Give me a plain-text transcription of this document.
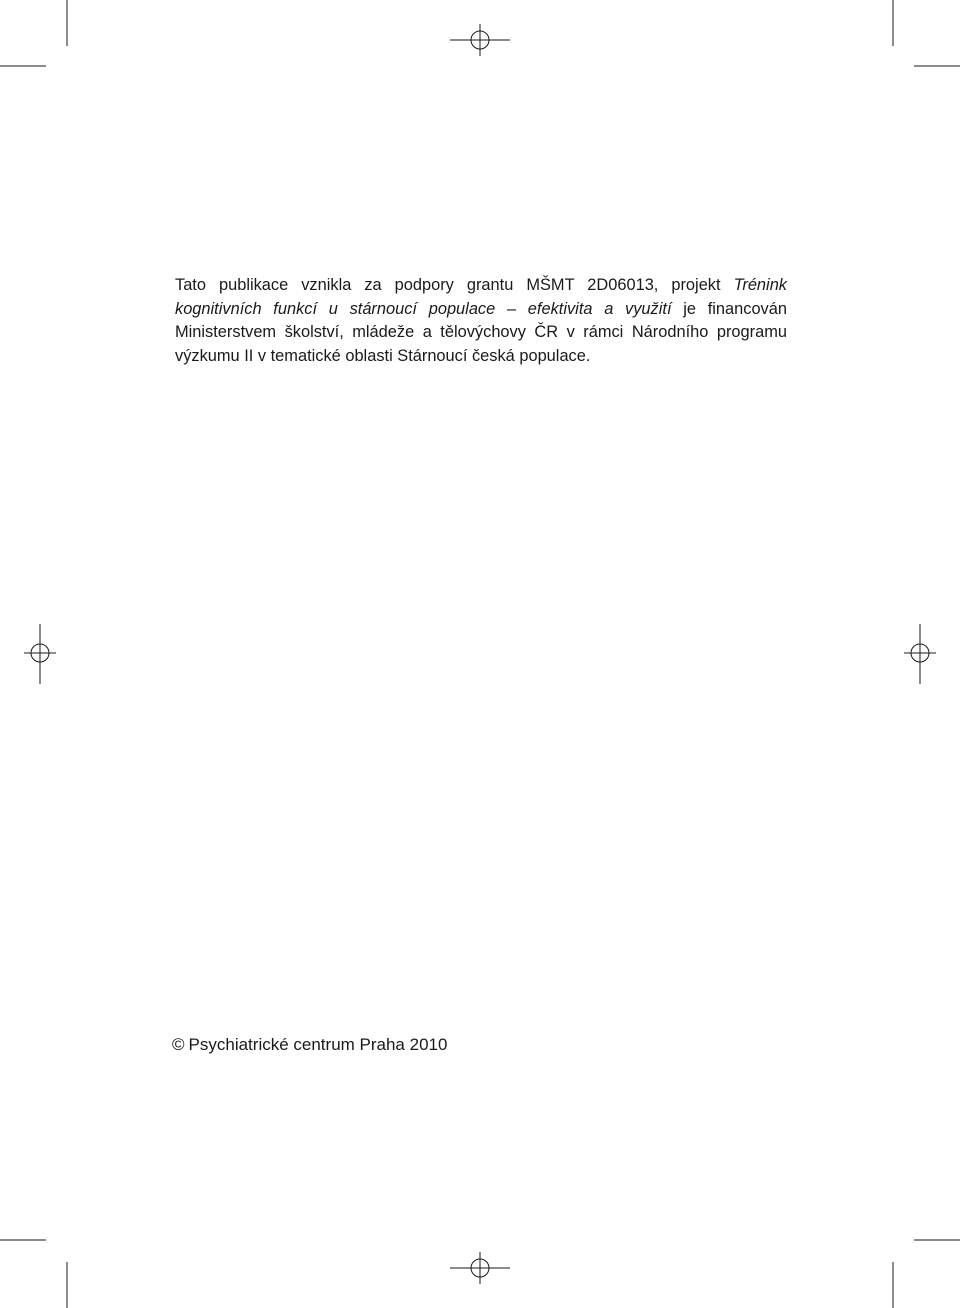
Tato publikace vznikla za podpory grantu MŠMT 2D06013, projekt Trénink kognitivních funkcí u stárnoucí populace – efektivita a využití je financován Ministerstvem školství, mládeže a tělovýchovy ČR v rámci Národního programu výzkumu II v tematické oblasti Stárnoucí česká populace.

© Psychiatrické centrum Praha 2010
